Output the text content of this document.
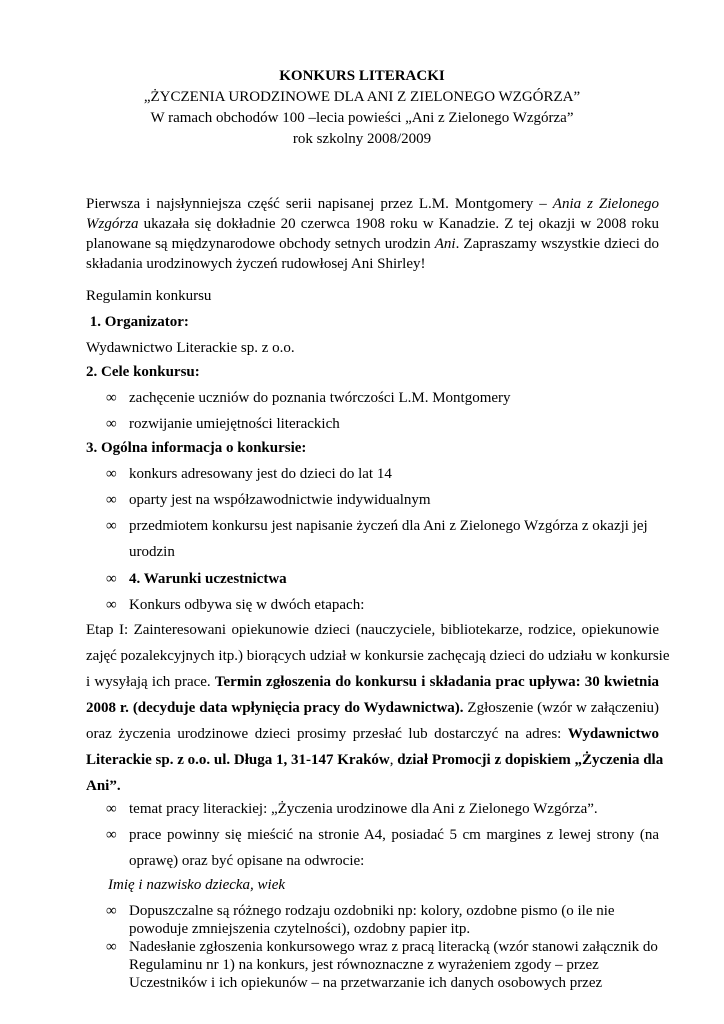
KONKURS LITERACKI
„ŻYCZENIA URODZINOWE DLA ANI Z ZIELONEGO WZGÓRZA”
W ramach obchodów 100 –lecia powieści „Ani z Zielonego Wzgórza”
rok szkolny 2008/2009
Pierwsza i najsłynniejsza część serii napisanej przez L.M. Montgomery – Ania z Zielonego
Wzgórza ukazała się dokładnie 20 czerwca 1908 roku w Kanadzie. Z tej okazji w 2008 roku
planowane są międzynarodowe obchody setnych urodzin Ani. Zapraszamy wszystkie dzieci do
składania urodzinowych życzeń rudowłosej Ani Shirley!
Regulamin konkursu
1. Organizator:
Wydawnictwo Literackie sp. z o.o.
2. Cele konkursu:
∞ zachęcenie uczniów do poznania twórczości L.M. Montgomery
∞ rozwijanie umiejętności literackich
3. Ogólna informacja o konkursie:
∞ konkurs adresowany jest do dzieci do lat 14
∞ oparty jest na współzawodnictwie indywidualnym
∞ przedmiotem konkursu jest napisanie życzeń dla Ani z Zielonego Wzgórza z okazji jej
urodzin
∞ 4. Warunki uczestnictwa
∞ Konkurs odbywa się w dwóch etapach:
Etap I: Zainteresowani opiekunowie dzieci (nauczyciele, bibliotekarze, rodzice, opiekunowie
zajęć pozalekcyjnych itp.) biorących udział w konkursie zachęcają dzieci do udziału w konkursie
i wysyłają ich prace. Termin zgłoszenia do konkursu i składania prac upływa: 30 kwietnia
2008 r. (decyduje data wpłynięcia pracy do Wydawnictwa). Zgłoszenie (wzór w załączeniu)
oraz życzenia urodzinowe dzieci prosimy przesłać lub dostarczyć na adres: Wydawnictwo
Literackie sp. z o.o. ul. Długa 1, 31-147 Kraków, dział Promocji z dopiskiem „Życzenia dla
Ani”.
∞ temat pracy literackiej: „Życzenia urodzinowe dla Ani z Zielonego Wzgórza”.
∞ prace powinny się mieścić na stronie A4, posiadać 5 cm margines z lewej strony (na
oprawę) oraz być opisane na odwrocie:
Imię i nazwisko dziecka, wiek
∞ Dopuszczalne są różnego rodzaju ozdobniki np: kolory, ozdobne pismo (o ile nie
powoduje zmniejszenia czytelności), ozdobny papier itp.
∞ Nadesłanie zgłoszenia konkursowego wraz z pracą literacką (wzór stanowi załącznik do
Regulaminu nr 1) na konkurs, jest równoznaczne z wyrażeniem zgody – przez
Uczestników i ich opiekunów – na przetwarzanie ich danych osobowych przez
